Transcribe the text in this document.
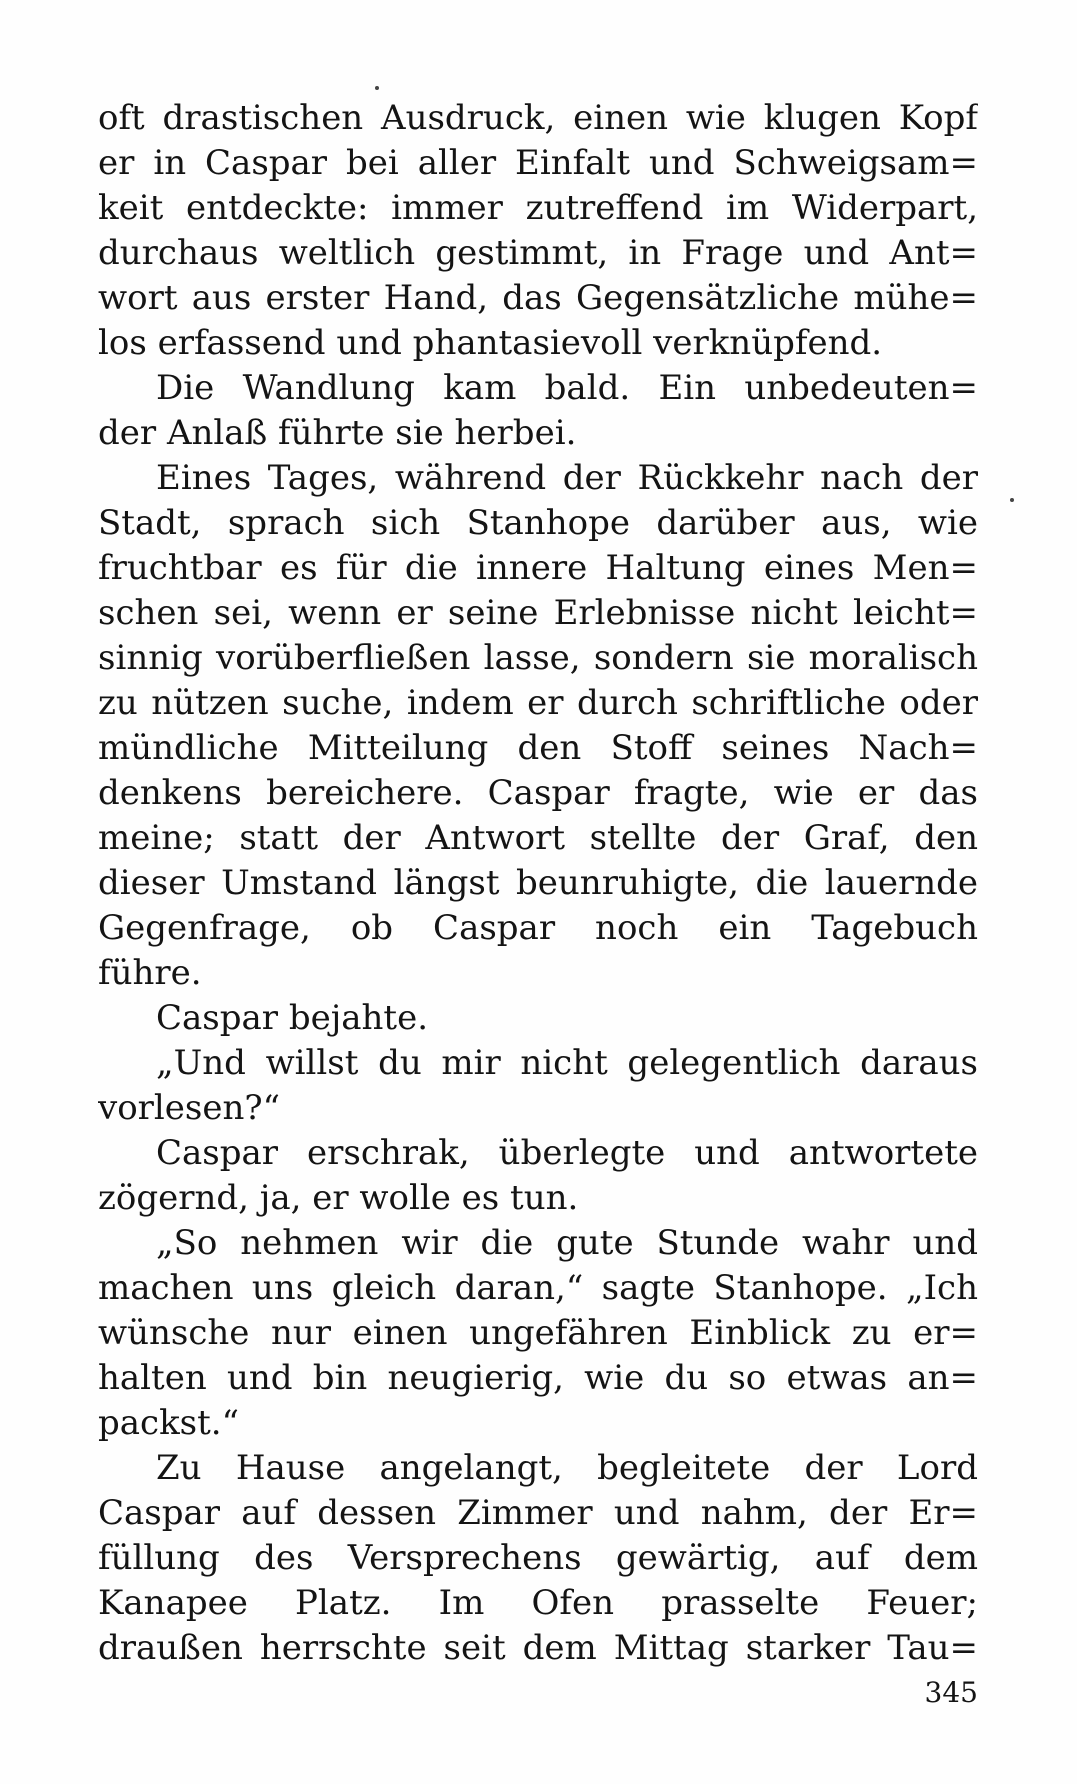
oft drastischen Ausdruck, einen wie klugen Kopf
er in Caspar bei aller Einfalt und Schweigsam=
keit entdeckte: immer zutreffend im Widerpart,
durchaus weltlich gestimmt, in Frage und Ant=
wort aus erster Hand, das Gegensätzliche mühe=
los erfassend und phantasievoll verknüpfend.
Die Wandlung kam bald. Ein unbedeuten=
der Anlaß führte sie herbei.
Eines Tages, während der Rückkehr nach der
Stadt, sprach sich Stanhope darüber aus, wie
fruchtbar es für die innere Haltung eines Men=
schen sei, wenn er seine Erlebnisse nicht leicht=
sinnig vorüberfließen lasse, sondern sie moralisch
zu nützen suche, indem er durch schriftliche oder
mündliche Mitteilung den Stoff seines Nach=
denkens bereichere. Caspar fragte, wie er das
meine; statt der Antwort stellte der Graf, den
dieser Umstand längst beunruhigte, die lauernde
Gegenfrage, ob Caspar noch ein Tagebuch
führe.
Caspar bejahte.
„Und willst du mir nicht gelegentlich daraus
vorlesen?“
Caspar erschrak, überlegte und antwortete
zögernd, ja, er wolle es tun.
„So nehmen wir die gute Stunde wahr und
machen uns gleich daran,“ sagte Stanhope. „Ich
wünsche nur einen ungefähren Einblick zu er=
halten und bin neugierig, wie du so etwas an=
packst.“
Zu Hause angelangt, begleitete der Lord
Caspar auf dessen Zimmer und nahm, der Er=
füllung des Versprechens gewärtig, auf dem
Kanapee Platz. Im Ofen prasselte Feuer;
draußen herrschte seit dem Mittag starker Tau=
345
